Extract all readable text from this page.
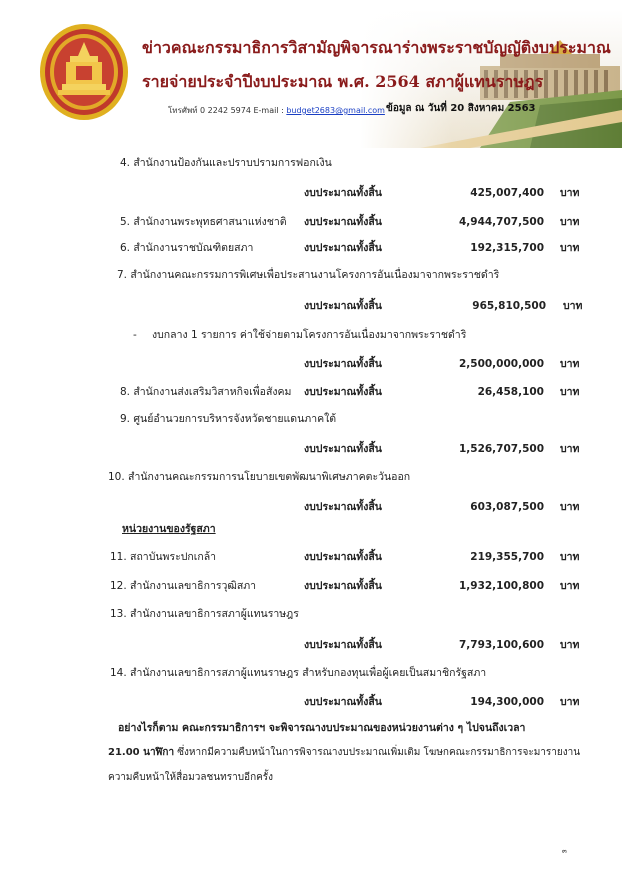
ข่าวคณะกรรมาธิการวิสามัญพิจารณาร่างพระราชบัญญัติงบประมาณ
รายจ่ายประจำปีงบประมาณ พ.ศ. 2564 สภาผู้แทนราษฎร
โทรศัพท์ 0 2242 5974 E-mail : budget2683@gmail.com ข้อมูล ณ วันที่ 20 สิงหาคม 2563
4. สำนักงานป้องกันและปราบปรามการฟอกเงิน
งบประมาณทั้งสิ้น	425,007,400 บาท
5. สำนักงานพระพุทธศาสนาแห่งชาติ งบประมาณทั้งสิ้น	4,944,707,500 บาท
6. สำนักงานราชบัณฑิตยสภา	งบประมาณทั้งสิ้น	192,315,700 บาท
7. สำนักงานคณะกรรมการพิเศษเพื่อประสานงานโครงการอันเนื่องมาจากพระราชดำริ
งบประมาณทั้งสิ้น	965,810,500 บาท
- งบกลาง 1 รายการ ค่าใช้จ่ายตามโครงการอันเนื่องมาจากพระราชดำริ
งบประมาณทั้งสิ้น	2,500,000,000 บาท
8. สำนักงานส่งเสริมวิสาหกิจเพื่อสังคม งบประมาณทั้งสิ้น	26,458,100 บาท
9. ศูนย์อำนวยการบริหารจังหวัดชายแดนภาคใต้
งบประมาณทั้งสิ้น	1,526,707,500 บาท
10. สำนักงานคณะกรรมการนโยบายเขตพัฒนาพิเศษภาคตะวันออก
งบประมาณทั้งสิ้น	603,087,500 บาท
หน่วยงานของรัฐสภา
11. สถาบันพระปกเกล้า	งบประมาณทั้งสิ้น	219,355,700 บาท
12. สำนักงานเลขาธิการวุฒิสภา	งบประมาณทั้งสิ้น	1,932,100,800 บาท
13. สำนักงานเลขาธิการสภาผู้แทนราษฎร
งบประมาณทั้งสิ้น	7,793,100,600 บาท
14. สำนักงานเลขาธิการสภาผู้แทนราษฎร สำหรับกองทุนเพื่อผู้เคยเป็นสมาชิกรัฐสภา
งบประมาณทั้งสิ้น	194,300,000 บาท
อย่างไรก็ตาม คณะกรรมาธิการฯ จะพิจารณางบประมาณของหน่วยงานต่าง ๆ ไปจนถึงเวลา
21.00 นาฬิกา ซึ่งหากมีความคืบหน้าในการพิจารณางบประมาณเพิ่มเติม โฆษกคณะกรรมาธิการจะมารายงาน
ความคืบหน้าให้สื่อมวลชนทราบอีกครั้ง
๓
